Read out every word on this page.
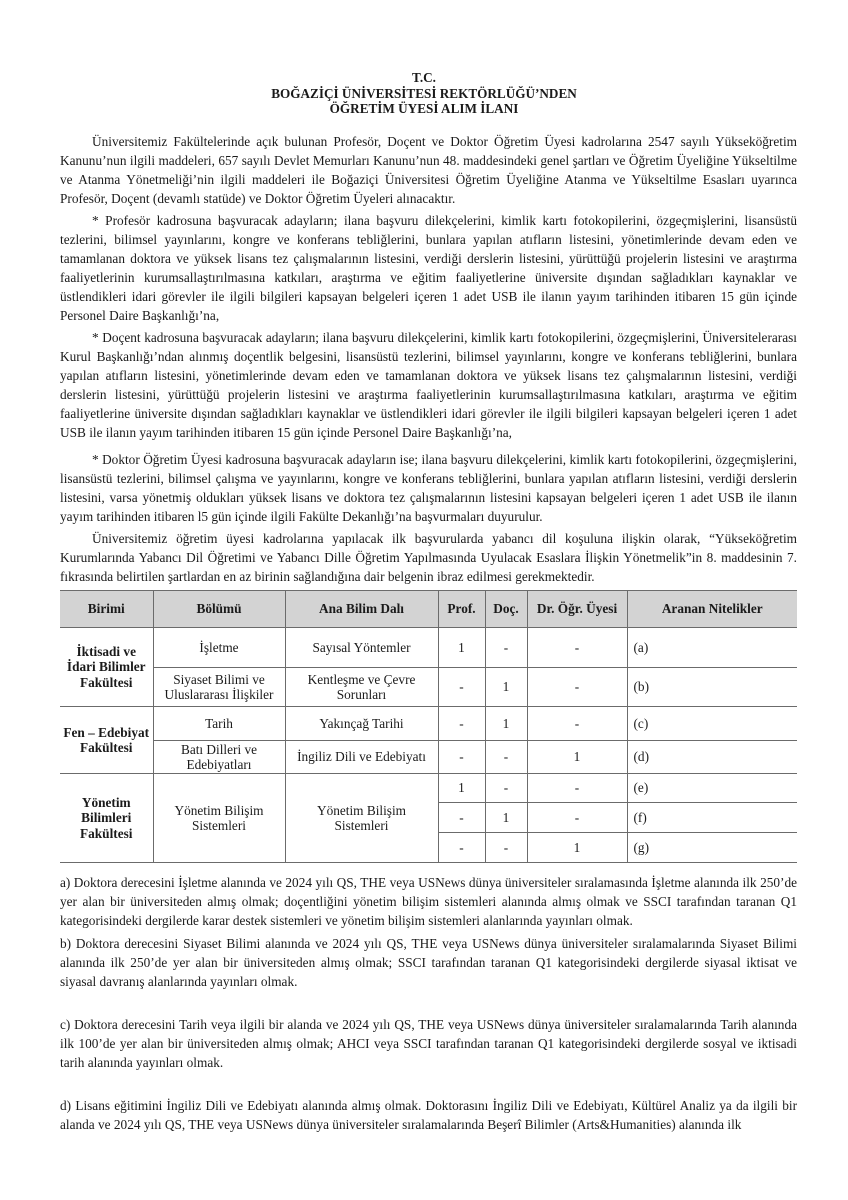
T.C.
BOĞAZİÇİ ÜNİVERSİTESİ REKTÖRLÜĞÜ’NDEN
ÖĞRETİM ÜYESİ ALIM İLANI

Üniversitemiz Fakültelerinde açık bulunan Profesör, Doçent ve Doktor Öğretim Üyesi kadrolarına 2547 sayılı Yükseköğretim Kanunu’nun ilgili maddeleri, 657 sayılı Devlet Memurları Kanunu’nun 48. maddesindeki genel şartları ve Öğretim Üyeliğine Yükseltilme ve Atanma Yönetmeliği’nin ilgili maddeleri ile Boğaziçi Üniversitesi Öğretim Üyeliğine Atanma ve Yükseltilme Esasları uyarınca Profesör, Doçent (devamlı statüde) ve Doktor Öğretim Üyeleri alınacaktır.

* Profesör kadrosuna başvuracak adayların; ilana başvuru dilekçelerini, kimlik kartı fotokopilerini, özgeçmişlerini, lisansüstü tezlerini, bilimsel yayınlarını, kongre ve konferans tebliğlerini, bunlara yapılan atıfların listesini, yönetimlerinde devam eden ve tamamlanan doktora ve yüksek lisans tez çalışmalarının listesini, verdiği derslerin listesini, yürüttüğü projelerin listesini ve araştırma faaliyetlerinin kurumsallaştırılmasına katkıları, araştırma ve eğitim faaliyetlerine üniversite dışından sağladıkları kaynaklar ve üstlendikleri idari görevler ile ilgili bilgileri kapsayan belgeleri içeren 1 adet USB ile ilanın yayım tarihinden itibaren 15 gün içinde Personel Daire Başkanlığı’na,

* Doçent kadrosuna başvuracak adayların; ilana başvuru dilekçelerini, kimlik kartı fotokopilerini, özgeçmişlerini, Üniversitelerarası Kurul Başkanlığı’ndan alınmış doçentlik belgesini, lisansüstü tezlerini, bilimsel yayınlarını, kongre ve konferans tebliğlerini, bunlara yapılan atıfların listesini, yönetimlerinde devam eden ve tamamlanan doktora ve yüksek lisans tez çalışmalarının listesini, verdiği derslerin listesini, yürüttüğü projelerin listesini ve araştırma faaliyetlerinin kurumsallaştırılmasına katkıları, araştırma ve eğitim faaliyetlerine üniversite dışından sağladıkları kaynaklar ve üstlendikleri idari görevler ile ilgili bilgileri kapsayan belgeleri içeren 1 adet USB ile ilanın yayım tarihinden itibaren 15 gün içinde Personel Daire Başkanlığı’na,

* Doktor Öğretim Üyesi kadrosuna başvuracak adayların ise; ilana başvuru dilekçelerini, kimlik kartı fotokopilerini, özgeçmişlerini, lisansüstü tezlerini, bilimsel çalışma ve yayınlarını, kongre ve konferans tebliğlerini, bunlara yapılan atıfların listesini, verdiği derslerin listesini, varsa yönetmiş oldukları yüksek lisans ve doktora tez çalışmalarının listesini kapsayan belgeleri içeren 1 adet USB ile ilanın yayım tarihinden itibaren l5 gün içinde ilgili Fakülte Dekanlığı’na başvurmaları duyurulur.

Üniversitemiz öğretim üyesi kadrolarına yapılacak ilk başvurularda yabancı dil koşuluna ilişkin olarak, “Yükseköğretim Kurumlarında Yabancı Dil Öğretimi ve Yabancı Dille Öğretim Yapılmasında Uyulacak Esaslara İlişkin Yönetmelik”in 8. maddesinin 7. fıkrasında belirtilen şartlardan en az birinin sağlandığına dair belgenin ibraz edilmesi gerekmektedir.

Birimi	Bölümü	Ana Bilim Dalı	Prof.	Doç.	Dr. Öğr. Üyesi	Aranan Nitelikler
İktisadi ve İdari Bilimler Fakültesi	İşletme	Sayısal Yöntemler	1	-	-	(a)
	Siyaset Bilimi ve Uluslararası İlişkiler	Kentleşme ve Çevre Sorunları	-	1	-	(b)
Fen – Edebiyat Fakültesi	Tarih	Yakınçağ Tarihi	-	1	-	(c)
	Batı Dilleri ve Edebiyatları	İngiliz Dili ve Edebiyatı	-	-	1	(d)
Yönetim Bilimleri Fakültesi	Yönetim Bilişim Sistemleri	Yönetim Bilişim Sistemleri	1	-	-	(e)
			-	1	-	(f)
			-	-	1	(g)

a) Doktora derecesini İşletme alanında ve 2024 yılı QS, THE veya USNews dünya üniversiteler sıralamasında İşletme alanında ilk 250’de yer alan bir üniversiteden almış olmak; doçentliğini yönetim bilişim sistemleri alanında almış olmak ve SSCI tarafından taranan Q1 kategorisindeki dergilerde karar destek sistemleri ve yönetim bilişim sistemleri alanlarında yayınları olmak.

b) Doktora derecesini Siyaset Bilimi alanında ve 2024 yılı QS, THE veya USNews dünya üniversiteler sıralamalarında Siyaset Bilimi alanında ilk 250’de yer alan bir üniversiteden almış olmak; SSCI tarafından taranan Q1 kategorisindeki dergilerde siyasal iktisat ve siyasal davranış alanlarında yayınları olmak.

c) Doktora derecesini Tarih veya ilgili bir alanda ve 2024 yılı QS, THE veya USNews dünya üniversiteler sıralamalarında Tarih alanında ilk 100’de yer alan bir üniversiteden almış olmak; AHCI veya SSCI tarafından taranan Q1 kategorisindeki dergilerde sosyal ve iktisadi tarih alanında yayınları olmak.

d) Lisans eğitimini İngiliz Dili ve Edebiyatı alanında almış olmak. Doktorasını İngiliz Dili ve Edebiyatı, Kültürel Analiz ya da ilgili bir alanda ve 2024 yılı QS, THE veya USNews dünya üniversiteler sıralamalarında Beşerî Bilimler (Arts&Humanities) alanında ilk
